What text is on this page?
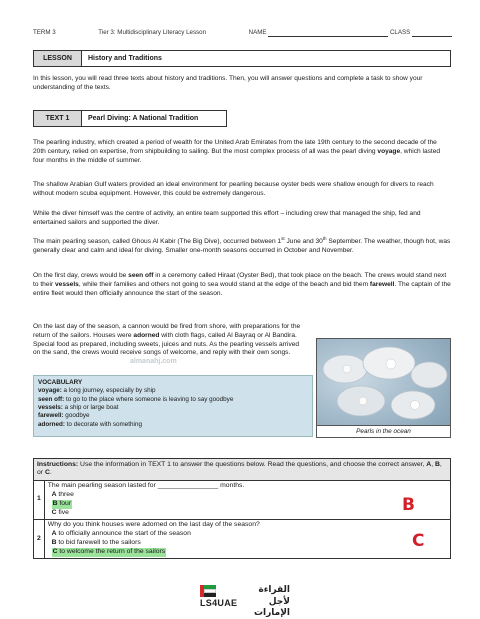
TERM 3	Tier 3: Multidisciplinary Literacy Lesson	NAME	CLASS
LESSON	History and Traditions

In this lesson, you will read three texts about history and traditions. Then, you will answer questions and complete a task to show your understanding of the texts.

TEXT 1	Pearl Diving: A National Tradition

The pearling industry, which created a period of wealth for the United Arab Emirates from the late 19th century to the second decade of the 20th century, relied on expertise, from shipbuilding to sailing. But the most complex process of all was the pearl diving voyage, which lasted four months in the middle of summer.

The shallow Arabian Gulf waters provided an ideal environment for pearling because oyster beds were shallow enough for divers to reach without modern scuba equipment. However, this could be extremely dangerous.

While the diver himself was the centre of activity, an entire team supported this effort – including crew that managed the ship, fed and entertained sailors and supported the diver.

The main pearling season, called Ghous Al Kabir (The Big Dive), occurred between 1st June and 30th September. The weather, though hot, was generally clear and calm and ideal for diving. Smaller one-month seasons occurred in October and November.

On the first day, crews would be seen off in a ceremony called Hiraat (Oyster Bed), that took place on the beach. The crews would stand next to their vessels, while their families and others not going to sea would stand at the edge of the beach and bid them farewell. The captain of the entire fleet would then officially announce the start of the season.

On the last day of the season, a cannon would be fired from shore, with preparations for the return of the sailors. Houses were adorned with cloth flags, called Al Bayraq or Al Bandira. Special food as prepared, including sweets, juices and nuts. As the pearling vessels arrived on the sand, the crews would receive songs of welcome, and reply with their own songs.

Pearls in the ocean
VOCABULARY
voyage: a long journey, especially by ship
seen off: to go to the place where someone is leaving to say goodbye
vessels: a ship or large boat
farewell: goodbye
adorned: to decorate with something
almanahj.com
Instructions: Use the information in TEXT 1 to answer the questions below. Read the questions, and choose the correct answer, A, B, or C.	
1	The main pearling season lasted for ________________ months.
A three
B four
C five

2	Why do you think houses were adorned on the last day of the season?
A to officially announce the start of the season
B to bid farewell to the sailors
C to welcome the return of the sailors
B
C
LS4UAE
القراءة لأجل الإمارات
